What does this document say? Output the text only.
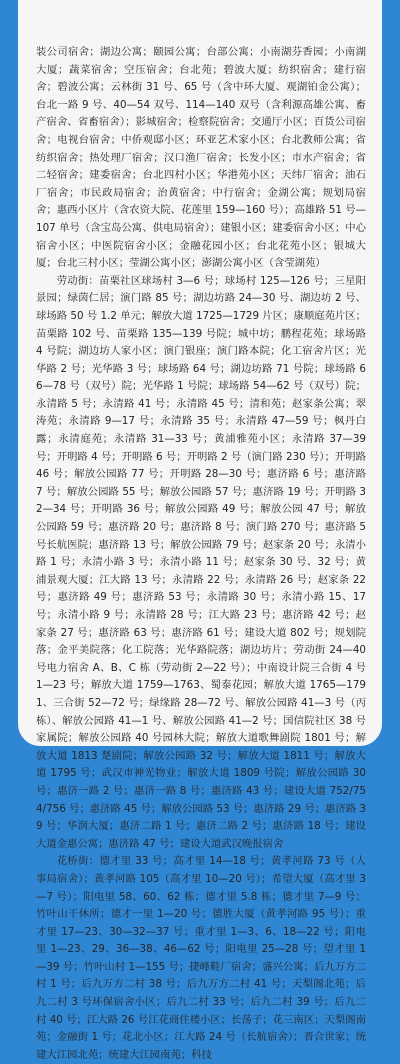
装公司宿舍；湖边公寓；颐园公寓；台部公寓；小南湖芬香园；小南湖大厦；蔬菜宿舍；空压宿舍；台北苑；碧波大厦；纺织宿舍；建行宿舍；碧波公寓；云林街 31 号、65 号（含中环大厦、观湖铂金公寓）；台北一路 9 号、40—54 双号、114—140 双号（含利源高雄公寓、畜产宿舍、省畜宿舍）；影城宿舍；检察院宿舍；交通厅小区；百货公司宿舍；电视台宿舍；中侨观邸小区；环亚艺术家小区；台北教师公寓；省纺织宿舍；热处理厂宿舍；汉口渔厂宿舍；长发小区；市水产宿舍；省二轻宿舍；建委宿舍；台北四村小区；华港苑小区；天纬厂宿舍；油石厂宿舍；市民政局宿舍；治黄宿舍；中行宿舍；金湖公寓；规划局宿舍；惠西小区片（含农资大院、花莲里 159—160 号）；高雄路 51 号—107 单号（含宝岛公寓、供电局宿舍）；建银小区；建委宿舍小区；中心宿舍小区；中医院宿舍小区；金融花园小区；台北花苑小区；银城大厦；台北三村小区；莹湖公寓小区；澎湖公寓小区（含莹湖苑）

劳动街：苗栗社区球场村 3—6 号；球场村 125—126 号；三星阳景园；绿茵仁居；演门路 85 号；湖边坊路 24—30 号、湖边坊 2 号、球场路 50 号 1.2 单元；解放大道 1725—1729 片区；康顺庭苑片区；苗栗路 102 号、苗栗路 135—139 号院；城中坊；鹏程花苑；球场路 4 号院；湖边坊人家小区；演门银座；演门路本院；化工宿舍片区；光华路 2 号；光华路 3 号；球场路 64 号；湖边坊路 71 号院；球场路 66—78 号（双号）院；光华路 1 号院；球场路 54—62 号（双号）院；永清路 5 号；永清路 41 号；永清路 45 号；清和苑；赵家条公寓；翠涛苑；永清路 9—17 号；永清路 35 号；永清路 47—59 号；枫丹白露；永清庭苑；永清路 31—33 号；黄浦雅苑小区；永清路 37—39 号；开明路 4 号；开明路 6 号；开明路 2 号（演门路 230 号）；开明路 46 号；解放公园路 77 号；开明路 28—30 号；惠济路 6 号；惠济路 7 号；解放公园路 55 号；解放公园路 57 号；惠济路 19 号；开明路 32—34 号；开明路 36 号；解放公园路 49 号；解放公园 47 号；解放公园路 59 号；惠济路 20 号；惠济路 8 号；演门路 270 号；惠济路 5 号长航医院；惠济路 13 号；解放公园路 79 号；赵家条 20 号；永清小路 1 号；永清小路 3 号；永清小路 11 号；赵家条 30 号、32 号；黄浦景观大厦；江大路 13 号；永清路 22 号；永清路 26 号；赵家条 22 号；惠济路 49 号；惠济路 53 号；永清路 30 号；永清小路 15、17 号；永清小路 9 号；永清路 28 号；江大路 23 号；惠济路 42 号；赵家条 27 号；惠济路 63 号；惠济路 61 号；建设大道 802 号；规划院落；金平美院落；化工院落；光华路院落；湖边坊片；劳动街 24—40 号电力宿舍 A、B、C 栋（劳动街 2—22 号）；中南设计院三合街 4 号 1—23 号；解放大道 1759—1763、蜀泰花园；解放大道 1765—1791、三合街 52—72 号；绿缘路 28—72 号、解放公园路 41—3 号（丙栋）、解放公园路 41—1 号、解放公园路 41—2 号；国信院社区 38 号家属院；解放公园路 40 号园林大院；解放大道歌舞剧院 1801 号；解放大道 1813 楚剧院；解放公园路 32 号；解放大道 1811 号；解放大道 1795 号；武汉市神光物业；解放大道 1809 号院；解放公园路 30 号；惠济一路 2 号；惠济一路 8 号；惠济路 43 号；建设大道 752/754/756 号；惠济路 45 号；解放公园路 53 号；惠济路 29 号；惠济路 39 号；华润大厦；惠济二路 1 号；惠济二路 2 号；惠济路 18 号；建设大道金惠公寓；惠济路 47 号；建设大道武汉晚报宿舍

花桥街：德才里 33 号；高才里 14—18 号；黄孝河路 73 号（人事局宿舍）；黄孝河路 105（高才里 10—20 号）；希望大厦（高才里 3—7 号）；阳电里 58、60、62 栋；德才里 5.8 栋；德才里 7—9 号；竹叶山干休所；德才一里 1—20 号；德胜大厦（黄孝河路 95 号）；重才里 17—23、30—32—37 号；重才里 1—3、6、18—22 号；阳电里 1—23、29、36—38、46—62 号；阳电里 25—28 号；望才里 1—39 号；竹叶山村 1—155 号；捷峰鞋厂宿舍；盛兴公寓；后九万方二村 1 号；后九万方二村 38 号；后九万方二村 41 号；天梨阁北苑；后九二村 3 号环保宿舍小区；后九二村 33 号；后九二村 39 号；后九二村 40 号；江大路 26 号江花商住楼小区；长荡子；花三南区；天梨阁南苑；金融街 1 号；花北小区；江大路 24 号（长航宿舍）；晋合世家；统建大江园北苑；统建大江园南苑；科技
